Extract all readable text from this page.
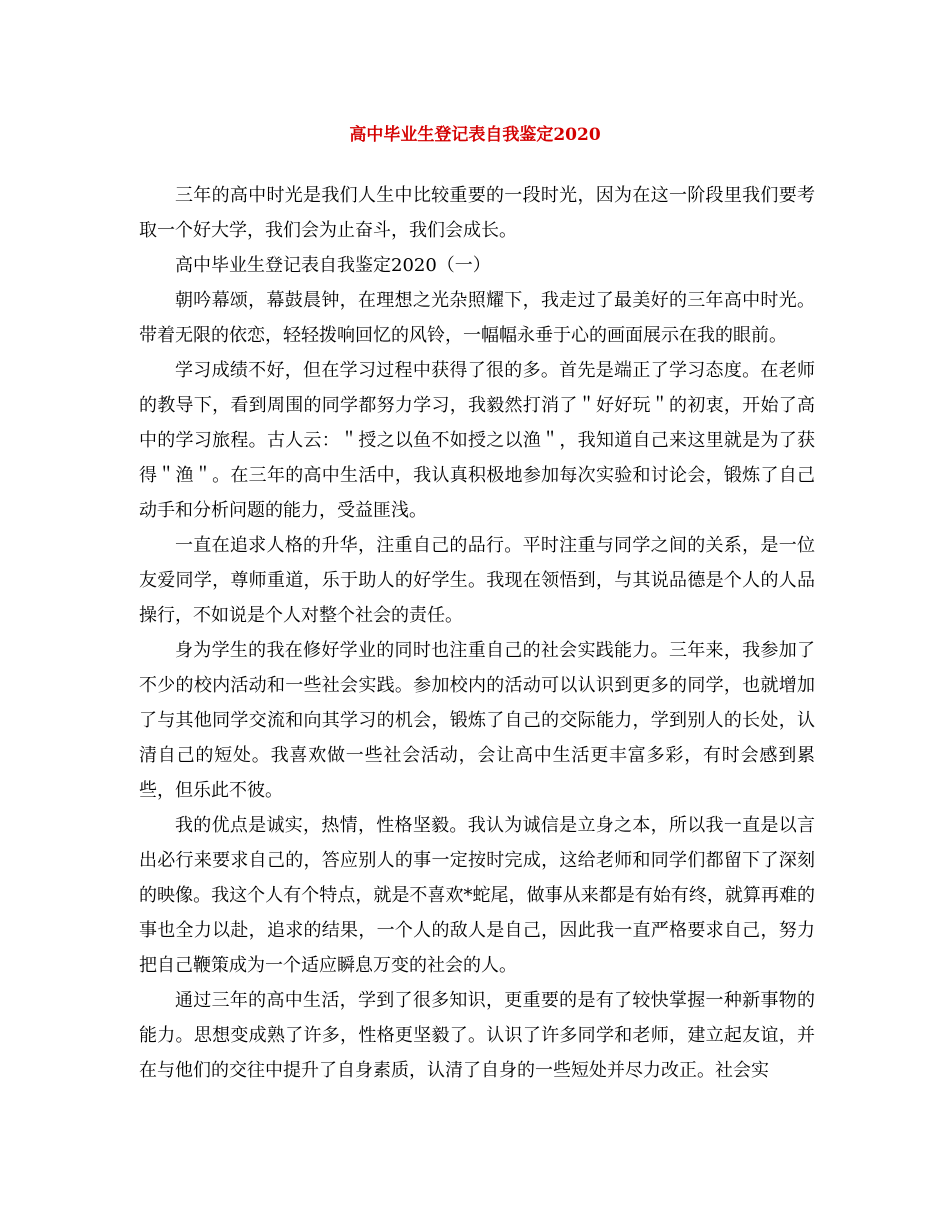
高中毕业生登记表自我鉴定2020

三年的高中时光是我们人生中比较重要的一段时光，因为在这一阶段里我们要考取一个好大学，我们会为止奋斗，我们会成长。

高中毕业生登记表自我鉴定2020（一）

朝吟幕颂，幕鼓晨钟，在理想之光杂照耀下，我走过了最美好的三年高中时光。带着无限的依恋，轻轻拨响回忆的风铃，一幅幅永垂于心的画面展示在我的眼前。

学习成绩不好，但在学习过程中获得了很的多。首先是端正了学习态度。在老师的教导下，看到周围的同学都努力学习，我毅然打消了＂好好玩＂的初衷，开始了高中的学习旅程。古人云：＂授之以鱼不如授之以渔＂，我知道自己来这里就是为了获得＂渔＂。在三年的高中生活中，我认真积极地参加每次实验和讨论会，锻炼了自己动手和分析问题的能力，受益匪浅。

一直在追求人格的升华，注重自己的品行。平时注重与同学之间的关系，是一位友爱同学，尊师重道，乐于助人的好学生。我现在领悟到，与其说品德是个人的人品操行，不如说是个人对整个社会的责任。

身为学生的我在修好学业的同时也注重自己的社会实践能力。三年来，我参加了不少的校内活动和一些社会实践。参加校内的活动可以认识到更多的同学，也就增加了与其他同学交流和向其学习的机会，锻炼了自己的交际能力，学到别人的长处，认清自己的短处。我喜欢做一些社会活动，会让高中生活更丰富多彩，有时会感到累些，但乐此不彼。

我的优点是诚实，热情，性格坚毅。我认为诚信是立身之本，所以我一直是以言出必行来要求自己的，答应别人的事一定按时完成，这给老师和同学们都留下了深刻的映像。我这个人有个特点，就是不喜欢*蛇尾，做事从来都是有始有终，就算再难的事也全力以赴，追求的结果，一个人的敌人是自己，因此我一直严格要求自己，努力把自己鞭策成为一个适应瞬息万变的社会的人。

通过三年的高中生活，学到了很多知识，更重要的是有了较快掌握一种新事物的能力。思想变成熟了许多，性格更坚毅了。认识了许多同学和老师，建立起友谊，并在与他们的交往中提升了自身素质，认清了自身的一些短处并尽力改正。社会实
